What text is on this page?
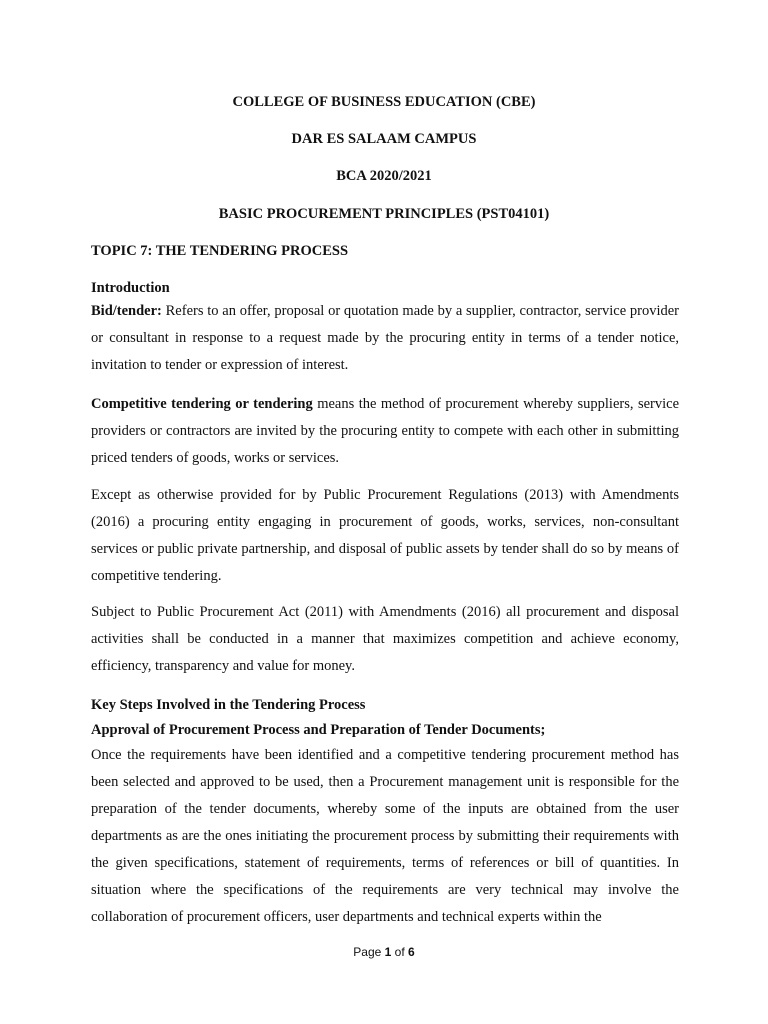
COLLEGE OF BUSINESS EDUCATION (CBE)
DAR ES SALAAM CAMPUS
BCA 2020/2021
BASIC PROCUREMENT PRINCIPLES (PST04101)
TOPIC 7: THE TENDERING PROCESS
Introduction
Bid/tender: Refers to an offer, proposal or quotation made by a supplier, contractor, service provider or consultant in response to a request made by the procuring entity in terms of a tender notice, invitation to tender or expression of interest.
Competitive tendering or tendering means the method of procurement whereby suppliers, service providers or contractors are invited by the procuring entity to compete with each other in submitting priced tenders of goods, works or services.
Except as otherwise provided for by Public Procurement Regulations (2013) with Amendments (2016) a procuring entity engaging in procurement of goods, works, services, non-consultant services or public private partnership, and disposal of public assets by tender shall do so by means of competitive tendering.
Subject to Public Procurement Act (2011) with Amendments (2016) all procurement and disposal activities shall be conducted in a manner that maximizes competition and achieve economy, efficiency, transparency and value for money.
Key Steps Involved in the Tendering Process
Approval of Procurement Process and Preparation of Tender Documents;
Once the requirements have been identified and a competitive tendering procurement method has been selected and approved to be used, then a Procurement management unit is responsible for the preparation of the tender documents, whereby some of the inputs are obtained from the user departments as are the ones initiating the procurement process by submitting their requirements with the given specifications, statement of requirements, terms of references or bill of quantities. In situation where the specifications of the requirements are very technical may involve the collaboration of procurement officers, user departments and technical experts within the
Page 1 of 6
